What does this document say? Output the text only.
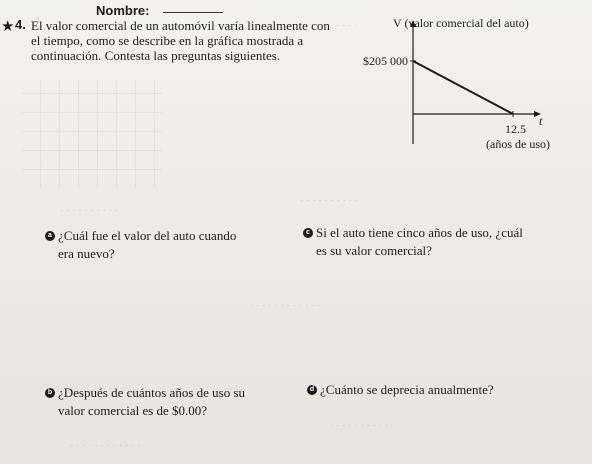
· · · · ·
· · · · · · · · · ·
· · · · · · · · · ·
· · · · · · · · · · · ·
· · · · · · · · · ·
· · · · · · · · · · · ·
Nombre:
★ 4. El valor comercial de un automóvil varía linealmente con
el tiempo, como se describe en la gráfica mostrada a
continuación. Contesta las preguntas siguientes.
V (valor comercial del auto)
$205 000
t
12.5
(años de uso)
a ¿Cuál fue el valor del auto cuando
era nuevo?
c Si el auto tiene cinco años de uso, ¿cuál
es su valor comercial?
b ¿Después de cuántos años de uso su
valor comercial es de $0.00?
d ¿Cuánto se deprecia anualmente?
